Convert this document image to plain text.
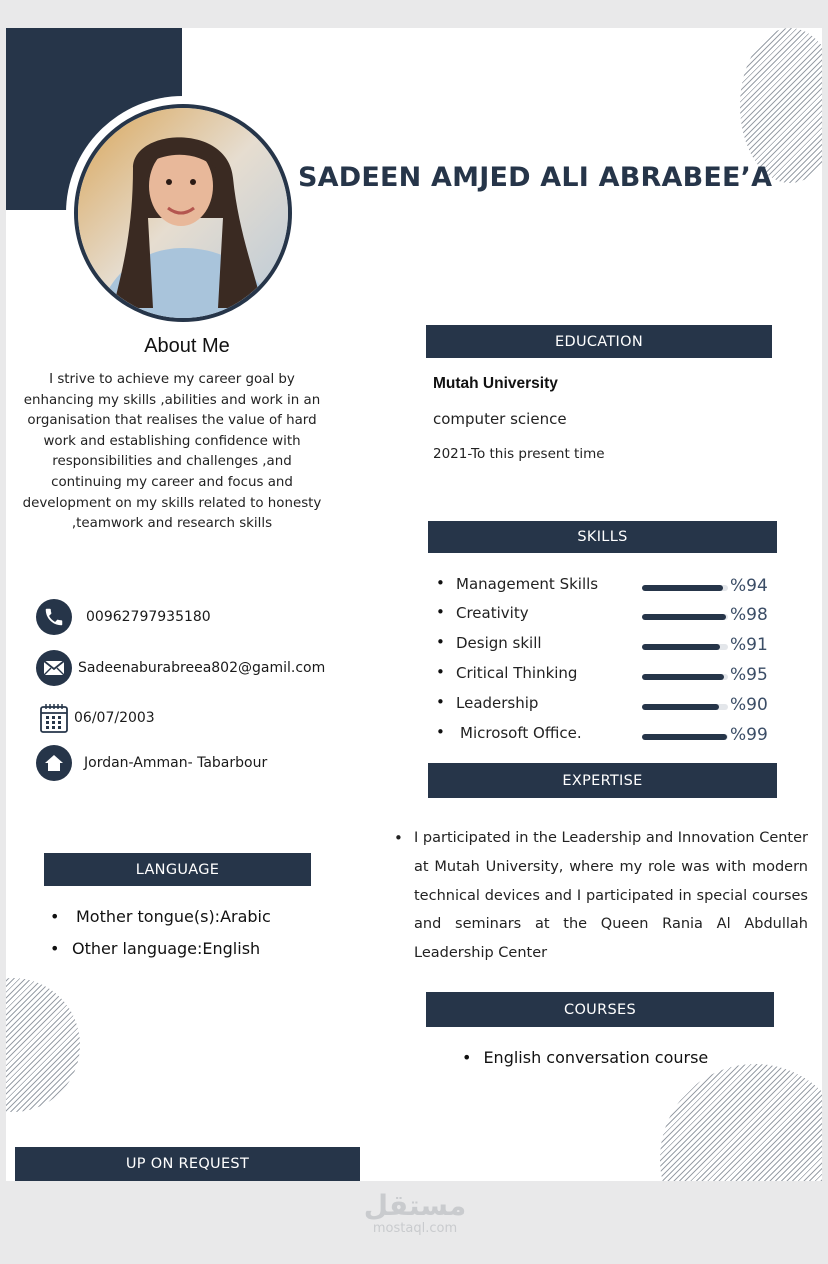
SADEEN AMJED ALI ABRABEE’A
About Me
I strive to achieve my career goal by enhancing my skills ,abilities and work in an organisation that realises the value of hard work and establishing confidence with responsibilities and challenges ,and continuing my career and focus and development on my skills related to honesty ,teamwork and research skills
00962797935180
Sadeenaburabreea802@gamil.com
06/07/2003
Jordan-Amman- Tabarbour
LANGUAGE
• Mother tongue(s):Arabic
• Other language:English
UP ON REQUEST
EDUCATION
Mutah University
computer science
2021-To this present time
SKILLS
• Management Skills	%94
• Creativity	%98
• Design skill	%91
• Critical Thinking	%95
• Leadership	%90
• Microsoft Office.	%99
EXPERTISE
• I participated in the Leadership and Innovation Center at Mutah University, where my role was with modern technical devices and I participated in special courses and seminars at the Queen Rania Al Abdullah Leadership Center
COURSES
• English conversation course
مستقل
mostaql.com
